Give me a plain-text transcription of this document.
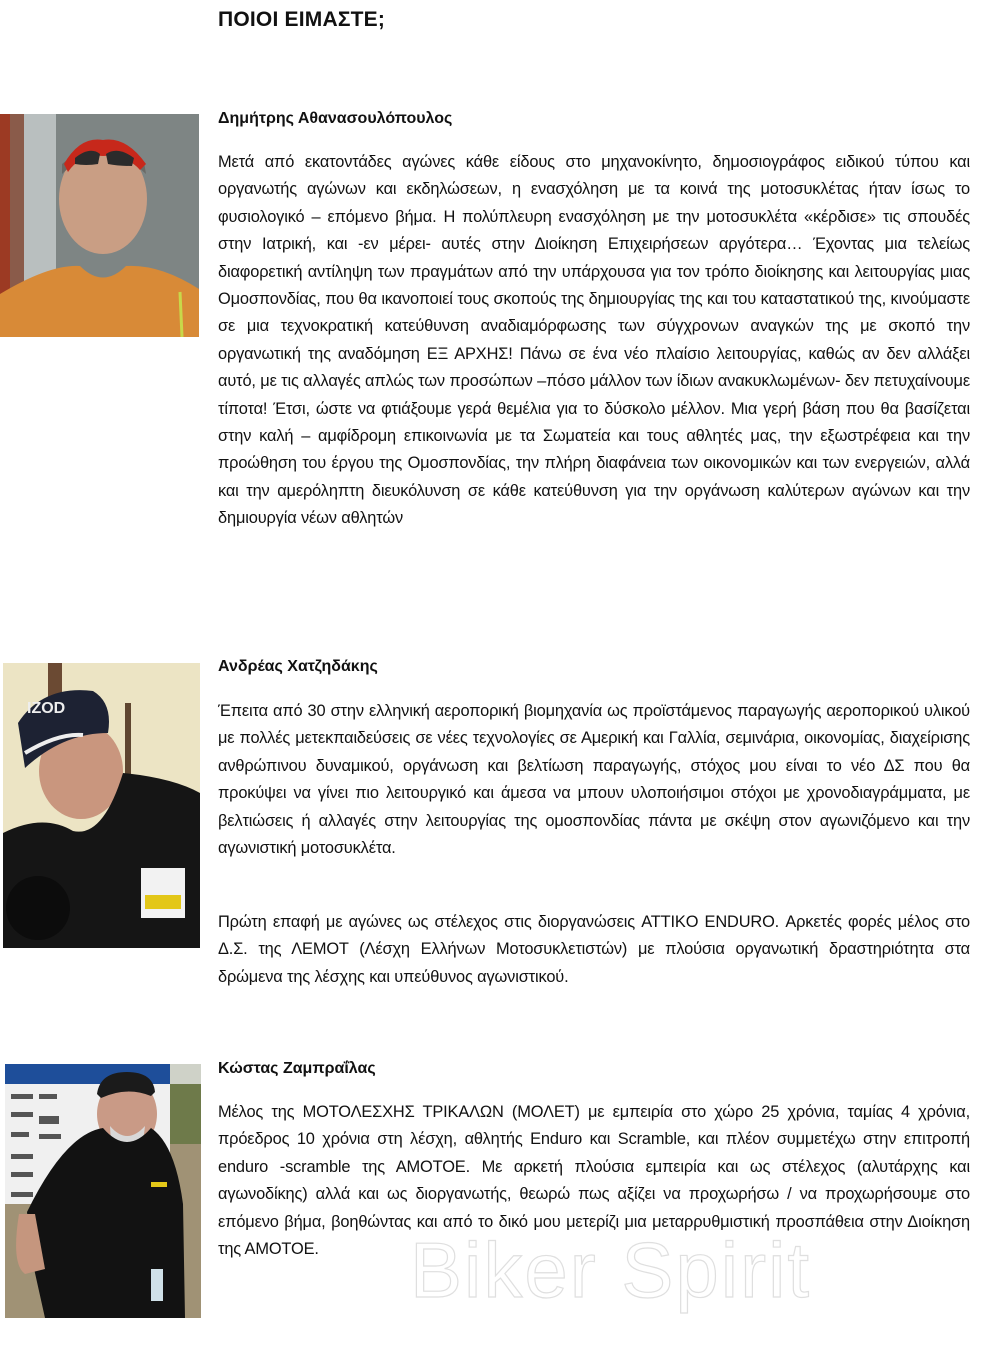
ΠΟΙΟΙ ΕΙΜΑΣΤΕ;
Δημήτρης Αθανασουλόπουλος

Μετά από εκατοντάδες αγώνες κάθε είδους στο μηχανοκίνητο, δημοσιογράφος ειδικού τύπου και οργανωτής αγώνων και εκδηλώσεων, η ενασχόληση με τα κοινά της μοτοσυκλέτας ήταν ίσως το φυσιολογικό – επόμενο βήμα. Η πολύπλευρη ενασχόληση με την μοτοσυκλέτα «κέρδισε» τις σπουδές στην Ιατρική, και -εν μέρει- αυτές στην Διοίκηση Επιχειρήσεων αργότερα… Έχοντας μια τελείως διαφορετική αντίληψη των πραγμάτων από την υπάρχουσα για τον τρόπο διοίκησης και λειτουργίας μιας Ομοσπονδίας, που θα ικανοποιεί τους σκοπούς της δημιουργίας της και του καταστατικού της, κινούμαστε σε μια τεχνοκρατική κατεύθυνση αναδιαμόρφωσης των σύγχρονων αναγκών της με σκοπό την οργανωτική της αναδόμηση ΕΞ ΑΡΧΗΣ! Πάνω σε ένα νέο πλαίσιο λειτουργίας, καθώς αν δεν αλλάξει αυτό, με τις αλλαγές απλώς των προσώπων –πόσο μάλλον των ίδιων ανακυκλωμένων- δεν πετυχαίνουμε τίποτα! Έτσι, ώστε να φτιάξουμε γερά θεμέλια για το δύσκολο μέλλον. Μια γερή βάση που θα βασίζεται στην καλή – αμφίδρομη επικοινωνία με τα Σωματεία και τους αθλητές μας, την εξωστρέφεια και την προώθηση του έργου της Ομοσπονδίας, την πλήρη διαφάνεια των οικονομικών και των ενεργειών, αλλά και την αμερόληπτη διευκόλυνση σε κάθε κατεύθυνση για την οργάνωση καλύτερων αγώνων και την δημιουργία νέων αθλητών

IZOD
Ανδρέας Χατζηδάκης

Έπειτα από 30 στην ελληνική αεροπορική βιομηχανία ως προϊστάμενος παραγωγής αεροπορικού υλικού με πολλές μετεκπαιδεύσεις σε νέες τεχνολογίες σε Αμερική και Γαλλία, σεμινάρια, οικονομίας, διαχείρισης ανθρώπινου δυναμικού, οργάνωση και βελτίωση παραγωγής, στόχος μου είναι το νέο ΔΣ που θα προκύψει να γίνει πιο λειτουργικό και άμεσα να μπουν υλοποιήσιμοι στόχοι με χρονοδιαγράμματα, με βελτιώσεις ή αλλαγές στην λειτουργίας της ομοσπονδίας πάντα με σκέψη στον αγωνιζόμενο και την αγωνιστική μοτοσυκλέτα.

Πρώτη επαφή με αγώνες ως στέλεχος στις διοργανώσεις ATTIKO ENDURO. Αρκετές φορές μέλος στο Δ.Σ. της ΛΕΜΟΤ (Λέσχη Ελλήνων Μοτοσυκλετιστών) με πλούσια οργανωτική δραστηριότητα στα δρώμενα της λέσχης και υπεύθυνος αγωνιστικού.

Κώστας Ζαμπραΐλας

Μέλος της ΜΟΤΟΛΕΣΧΗΣ ΤΡΙΚΑΛΩΝ (ΜΟΛΕΤ) με εμπειρία στο χώρο 25 χρόνια, ταμίας 4 χρόνια, πρόεδρος 10 χρόνια στη λέσχη, αθλητής Enduro και Scramble, και πλέον συμμετέχω στην επιτροπή enduro -scramble της ΑΜΟΤΟΕ. Με αρκετή πλούσια εμπειρία και ως στέλεχος (αλυτάρχης και αγωνοδίκης) αλλά και ως διοργανωτής, θεωρώ πως αξίζει να προχωρήσω / να προχωρήσουμε στο επόμενο βήμα, βοηθώντας και από το δικό μου μετερίζι μια μεταρρυθμιστική προσπάθεια στην Διοίκηση της ΑΜΟΤΟΕ.	Biker Spirit
